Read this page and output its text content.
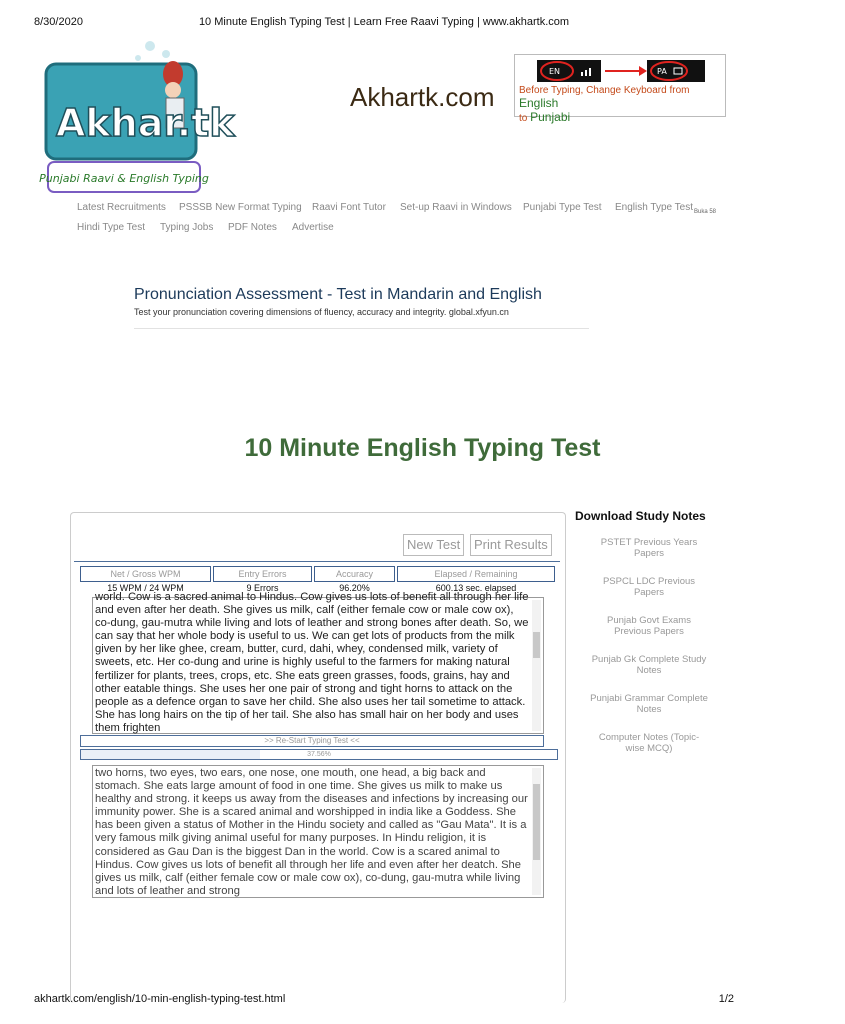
8/30/2020	10 Minute English Typing Test | Learn Free Raavi Typing | www.akhartk.com
Akhar.tk
Punjabi Raavi & English Typing
Akhartk.com
EN	PA
Before Typing, Change Keyboard from English
to Punjabi
Latest Recruitments PSSSB New Format Typing Raavi Font Tutor Set-up Raavi in Windows Punjabi Type Test English Type Test Buka 58
Hindi Type Test Typing Jobs PDF Notes Advertise
Pronunciation Assessment - Test in Mandarin and English
Test your pronunciation covering dimensions of fluency, accuracy and integrity. global.xfyun.cn
10 Minute English Typing Test
New Test	Print Results
Net / Gross WPM	Entry Errors	Accuracy	Elapsed / Remaining
15 WPM / 24 WPM	9 Errors	96.20%	600.13 sec. elapsed
world. Cow is a sacred animal to Hindus. Cow gives us lots of benefit all through her life and even after her death. She gives us milk, calf (either female cow or male cow ox), co-dung, gau-mutra while living and lots of leather and strong bones after death. So, we can say that her whole body is useful to us. We can get lots of products from the milk given by her like ghee, cream, butter, curd, dahi, whey, condensed milk, variety of sweets, etc. Her co-dung and urine is highly useful to the farmers for making natural fertilizer for plants, trees, crops, etc. She eats green grasses, foods, grains, hay and other eatable things. She uses her one pair of strong and tight horns to attack on the people as a defence organ to save her child. She also uses her tail sometime to attack. She has long hairs on the tip of her tail. She also has small hair on her body and uses them frighten
>> Re-Start Typing Test <<
37.56%
two horns, two eyes, two ears, one nose, one mouth, one head, a big back and stomach. She eats large amount of food in one time. She gives us milk to make us healthy and strong. it keeps us away from the diseases and infections by increasing our immunity power. She is a scared animal and worshipped in india like a Goddess. She has been given a status of Mother in the Hindu society and called as "Gau Mata". It is a very famous milk giving animal useful for many purposes. In Hindu religion, it is considered as Gau Dan is the biggest Dan in the world. Cow is a scared animal to Hindus. Cow gives us lots of benefit all through her life and even after her deatch. She gives us milk, calf (either female cow or male cow ox), co-dung, gau-mutra while living and lots of leather and strong
Download Study Notes
PSTET Previous Years Papers
PSPCL LDC Previous Papers
Punjab Govt Exams Previous Papers
Punjab Gk Complete Study Notes
Punjabi Grammar Complete Notes
Computer Notes (Topic-wise MCQ)
akhartk.com/english/10-min-english-typing-test.html	1/2
